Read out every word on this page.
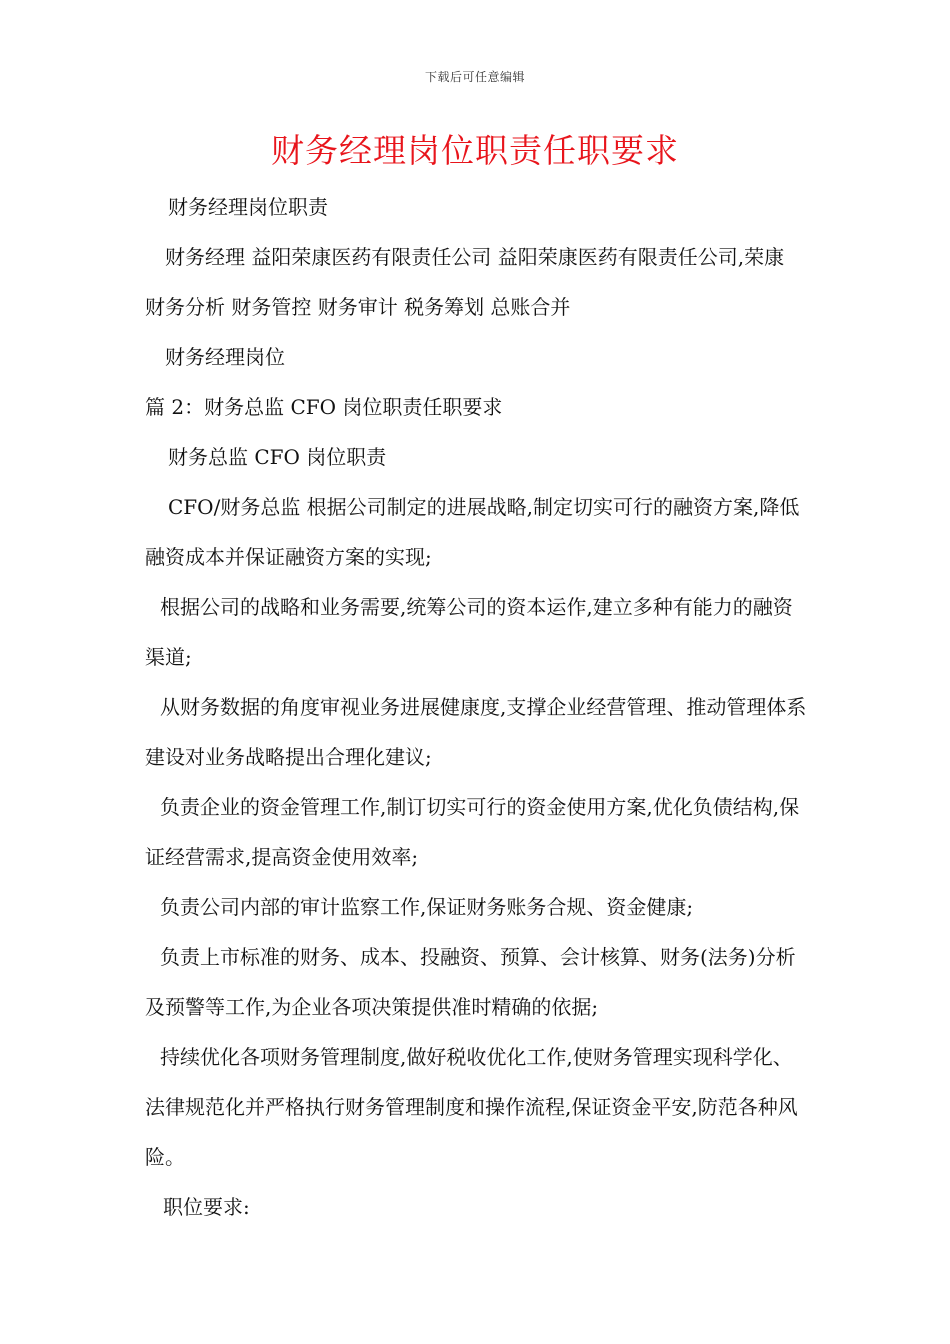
下载后可任意编辑
财务经理岗位职责任职要求

财务经理岗位职责

财务经理 益阳荣康医药有限责任公司 益阳荣康医药有限责任公司,荣康 财务分析 财务管控 财务审计 税务筹划 总账合并

财务经理岗位

篇 2：财务总监 CFO 岗位职责任职要求

财务总监 CFO 岗位职责

CFO/财务总监 根据公司制定的进展战略,制定切实可行的融资方案,降低融资成本并保证融资方案的实现;

根据公司的战略和业务需要,统筹公司的资本运作,建立多种有能力的融资渠道;

从财务数据的角度审视业务进展健康度,支撑企业经营管理、推动管理体系建设对业务战略提出合理化建议;

负责企业的资金管理工作,制订切实可行的资金使用方案,优化负债结构,保证经营需求,提高资金使用效率;

负责公司内部的审计监察工作,保证财务账务合规、资金健康;

负责上市标准的财务、成本、投融资、预算、会计核算、财务(法务)分析及预警等工作,为企业各项决策提供准时精确的依据;

持续优化各项财务管理制度,做好税收优化工作,使财务管理实现科学化、法律规范化并严格执行财务管理制度和操作流程,保证资金平安,防范各种风险。

职位要求:
